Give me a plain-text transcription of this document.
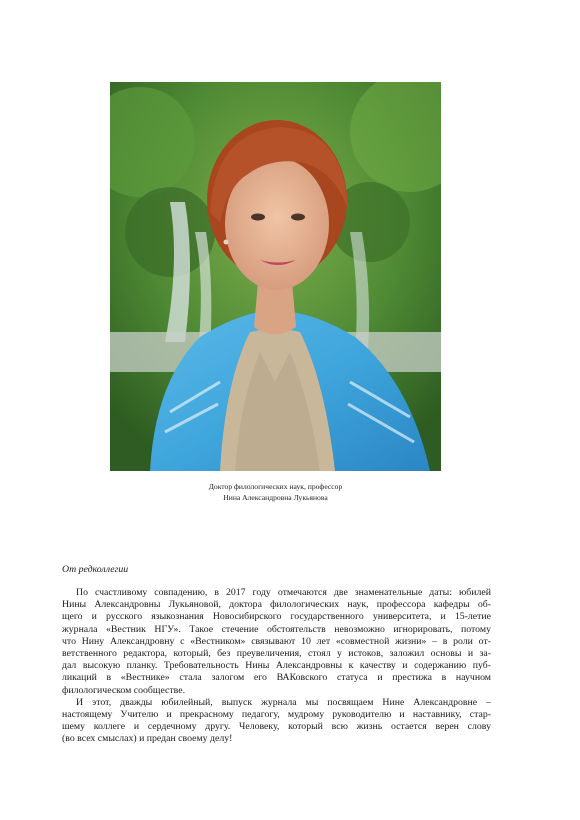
Доктор филологических наук, профессор
Нина Александровна Лукьянова
От редколлегии
По счастливому совпадению, в 2017 году отмечаются две знаменательные даты: юбилей
Нины Александровны Лукьяновой, доктора филологических наук, профессора кафедры об-
щего и русского языкознания Новосибирского государственного университета, и 15-летие
журнала «Вестник НГУ». Такое стечение обстоятельств невозможно игнорировать, потому
что Нину Александровну с «Вестником» связывают 10 лет «совместной жизни» – в роли от-
ветственного редактора, который, без преувеличения, стоял у истоков, заложил основы и за-
дал высокую планку. Требовательность Нины Александровны к качеству и содержанию пуб-
ликаций в «Вестнике» стала залогом его ВАКовского статуса и престижа в научном
филологическом сообществе.
И этот, дважды юбилейный, выпуск журнала мы посвящаем Нине Александровне –
настоящему Учителю и прекрасному педагогу, мудрому руководителю и наставнику, стар-
шему коллеге и сердечному другу. Человеку, который всю жизнь остается верен слову
(во всех смыслах) и предан своему делу!
